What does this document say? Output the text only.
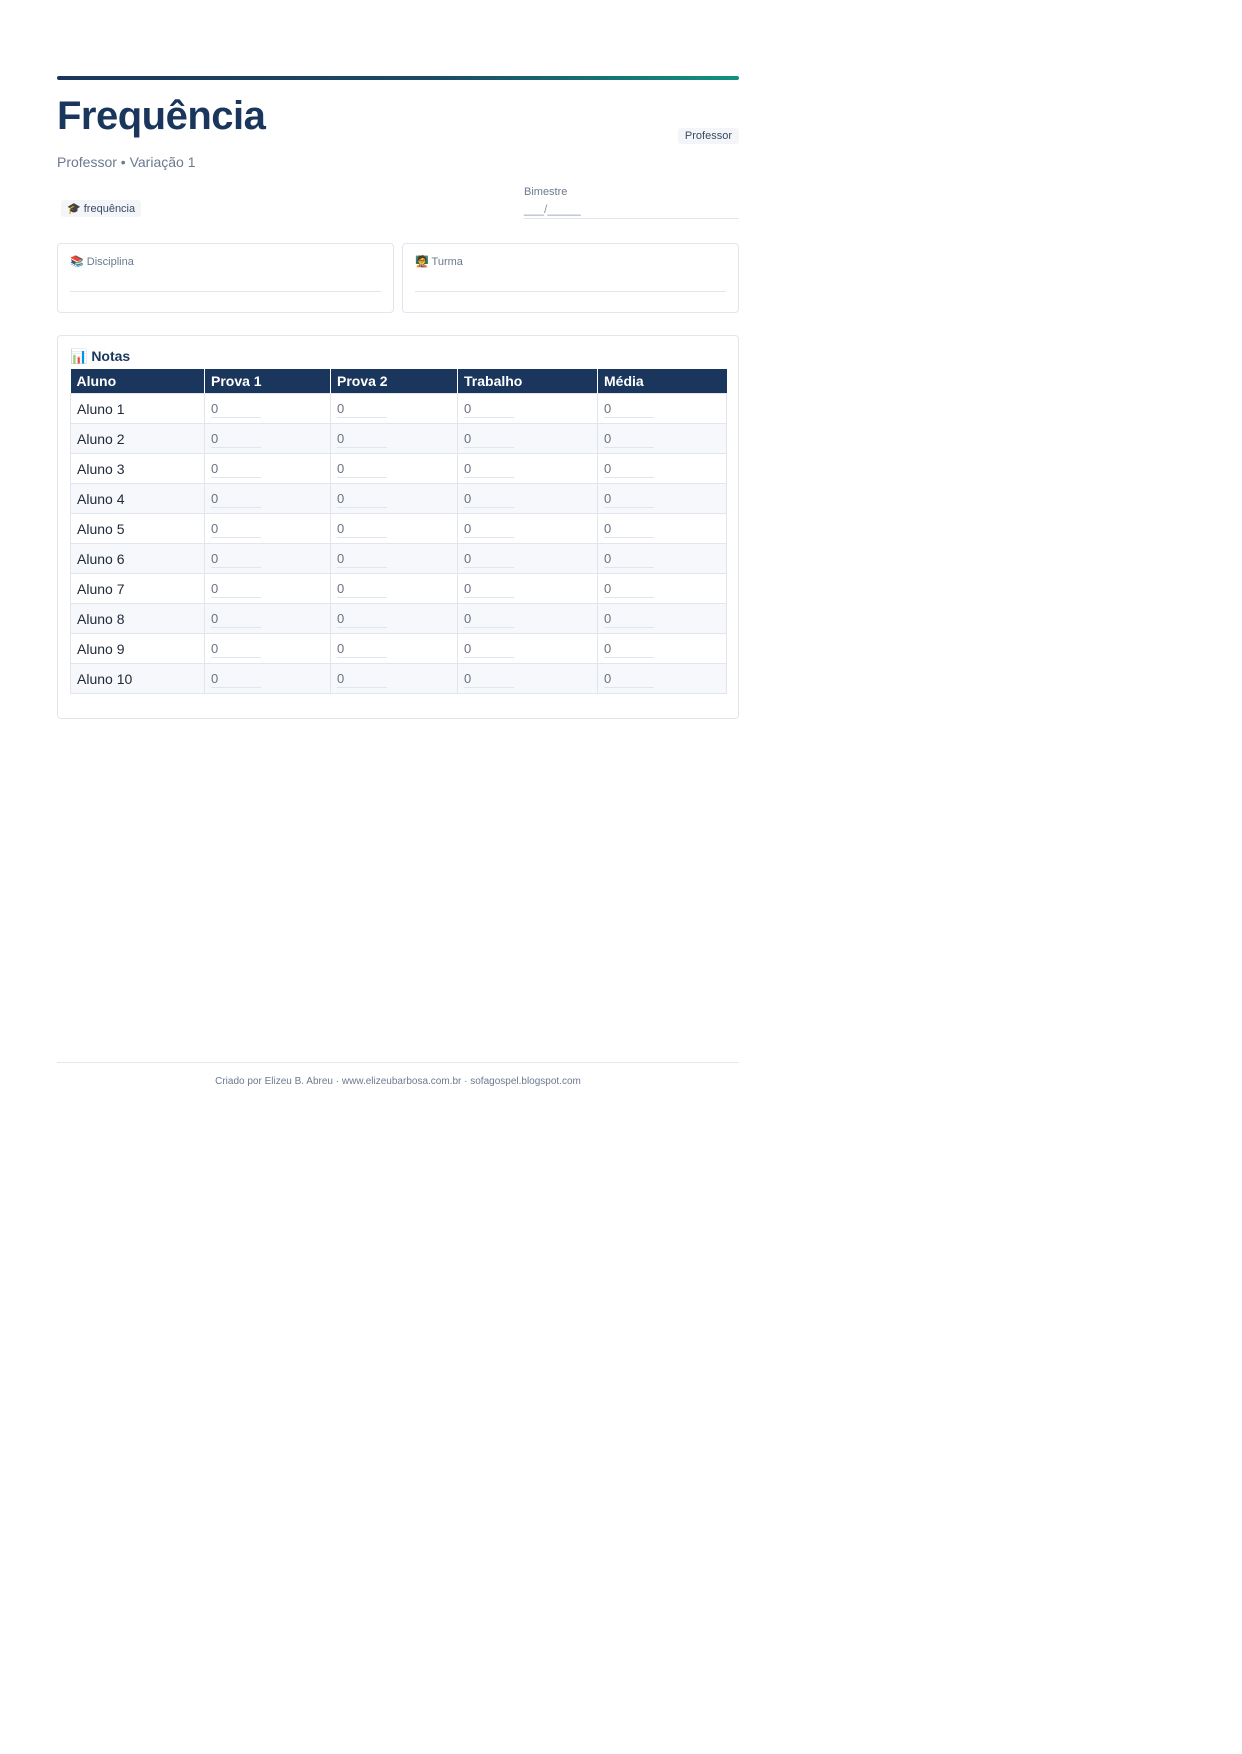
Frequência	Professor
Professor • Variação 1
🎓 frequência
Bimestre
___/_____
📚 Disciplina	🧑‍🏫 Turma
📊 Notas
Aluno	Prova 1	Prova 2	Trabalho	Média
Aluno 1	0	0	0	0
Aluno 2	0	0	0	0
Aluno 3	0	0	0	0
Aluno 4	0	0	0	0
Aluno 5	0	0	0	0
Aluno 6	0	0	0	0
Aluno 7	0	0	0	0
Aluno 8	0	0	0	0
Aluno 9	0	0	0	0
Aluno 10	0	0	0	0
Criado por Elizeu B. Abreu · www.elizeubarbosa.com.br · sofagospel.blogspot.com
